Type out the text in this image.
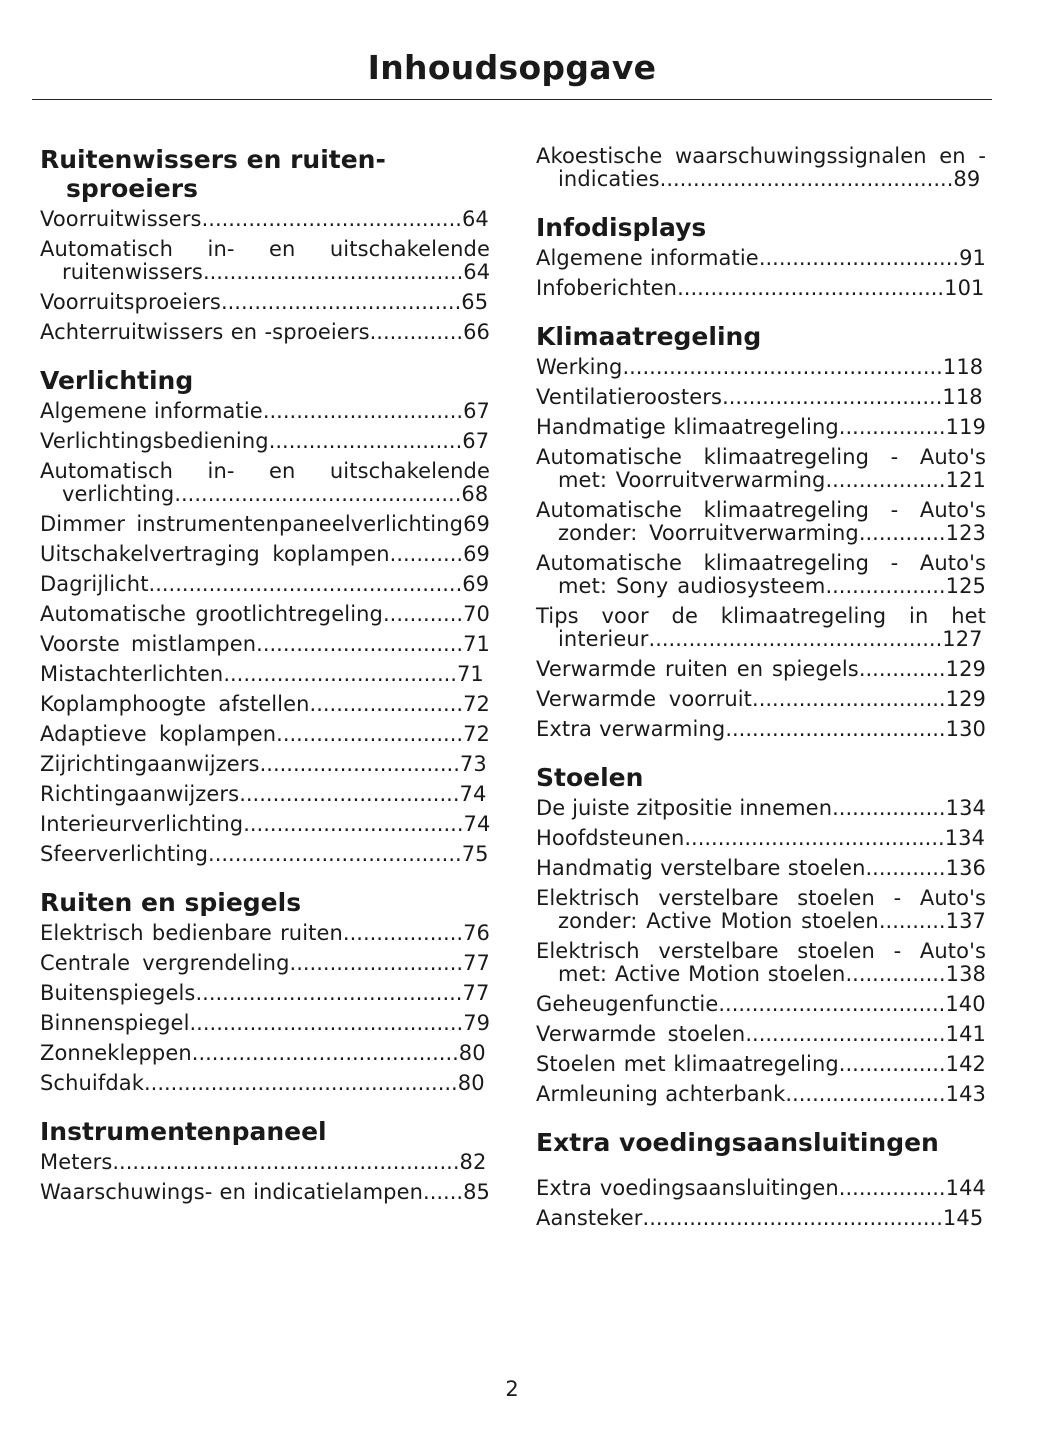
Inhoudsopgave
Ruitenwissers en ruitensproeiers
Voorruitwissers.......................................64
Automatisch in- en uitschakelende ruitenwissers.......................................64
Voorruitsproeiers....................................65
Achterruitwissers en -sproeiers..............66
Verlichting
Algemene informatie..............................67
Verlichtingsbediening.............................67
Automatisch in- en uitschakelende verlichting...........................................68
Dimmer instrumentenpaneelverlichting69
Uitschakelvertraging koplampen...........69
Dagrijlicht...............................................69
Automatische grootlichtregeling............70
Voorste mistlampen...............................71
Mistachterlichten...................................71
Koplamphoogte afstellen.......................72
Adaptieve koplampen............................72
Zijrichtingaanwijzers..............................73
Richtingaanwijzers.................................74
Interieurverlichting.................................74
Sfeerverlichting......................................75
Ruiten en spiegels
Elektrisch bedienbare ruiten..................76
Centrale vergrendeling..........................77
Buitenspiegels........................................77
Binnenspiegel.........................................79
Zonnekleppen........................................80
Schuifdak...............................................80
Instrumentenpaneel
Meters....................................................82
Waarschuwings- en indicatielampen......85
Akoestische waarschuwingssignalen en -indicaties............................................89
Infodisplays
Algemene informatie..............................91
Infoberichten........................................101
Klimaatregeling
Werking................................................118
Ventilatieroosters.................................118
Handmatige klimaatregeling................119
Automatische klimaatregeling - Auto's met: Voorruitverwarming..................121
Automatische klimaatregeling - Auto's zonder: Voorruitverwarming.............123
Automatische klimaatregeling - Auto's met: Sony audiosysteem..................125
Tips voor de klimaatregeling in het interieur............................................127
Verwarmde ruiten en spiegels.............129
Verwarmde voorruit.............................129
Extra verwarming.................................130
Stoelen
De juiste zitpositie innemen.................134
Hoofdsteunen.......................................134
Handmatig verstelbare stoelen............136
Elektrisch verstelbare stoelen - Auto's zonder: Active Motion stoelen..........137
Elektrisch verstelbare stoelen - Auto's met: Active Motion stoelen...............138
Geheugenfunctie..................................140
Verwarmde stoelen..............................141
Stoelen met klimaatregeling................142
Armleuning achterbank........................143
Extra voedingsaansluitingen
Extra voedingsaansluitingen................144
Aansteker.............................................145
2
